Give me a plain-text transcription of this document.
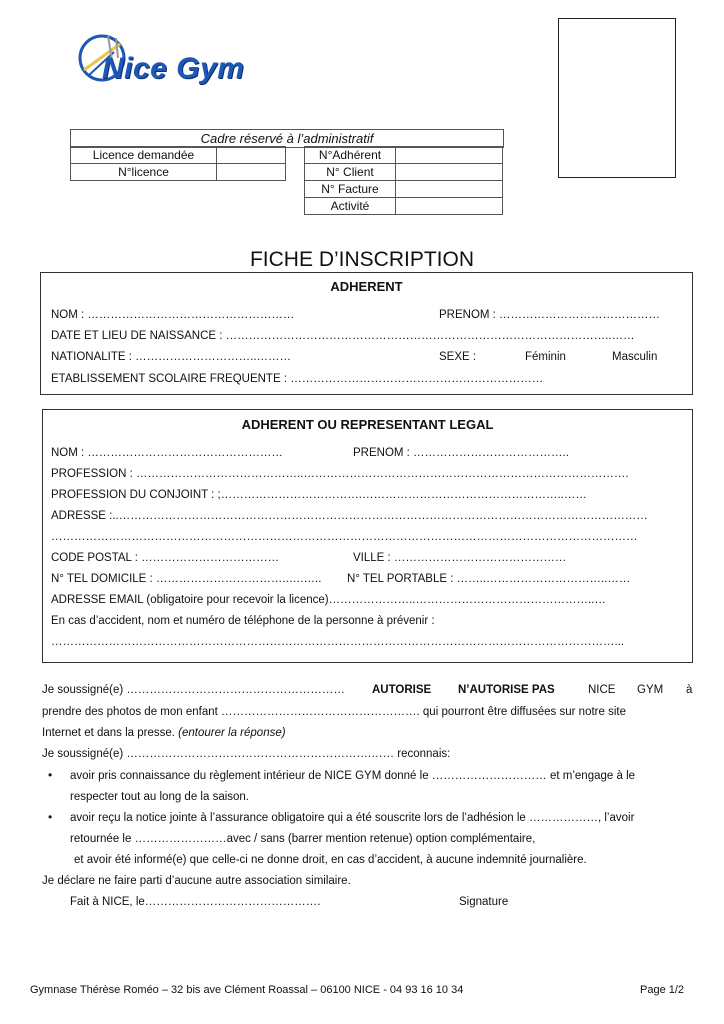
Nice Gym
Cadre réservé à l’administratif
Licence demandée	
N°licence	
N°Adhérent	
N° Client	
N° Facture	
Activité	
FICHE D’INSCRIPTION
ADHERENT
NOM : ………………………………………………	PRENOM : ……………………………………
DATE ET LIEU DE NAISSANCE : ………………………………………………………………………………………..……
NATIONALITE : …………………………..………	SEXE :	Féminin	Masculin
ETABLISSEMENT SCOLAIRE FREQUENTE : …………………………………………………………
ADHERENT OU REPRESENTANT LEGAL
NOM : ……………………………………………	PRENOM : …………………………………..
PROFESSION : ……………………………………..………………………………………………………………………….
PROFESSION DU CONJOINT : ;……………………………….……………………………………………..……
ADRESSE :..…………………………………………………………………………………………………………………………
………………………………………………………………………………………………………………………………………
CODE POSTAL : ………………………………	VILLE : ………………………………………
N° TEL DOMICILE : ……………………………..….….. N° TEL PORTABLE : ……..…………………………..……
ADRESSE EMAIL (obligatoire pour recevoir la licence)…………………..………………………………………..…
En cas d’accident, nom et numéro de téléphone de la personne à prévenir :
…………………………………………………………………………………………………………………………………...
Je soussigné(e) ………………………………………………… AUTORISE N’AUTORISE PAS	NICE GYM à
prendre des photos de mon enfant ……………………………………………. qui pourront être diffusées sur notre site
Internet et dans la presse. (entourer la réponse)
Je soussigné(e) ……………………………………………………….…… reconnais:
• avoir pris connaissance du règlement intérieur de NICE GYM donné le ………………………… et m’engage à le
respecter tout au long de la saison.
• avoir reçu la notice jointe à l’assurance obligatoire qui a été souscrite lors de l’adhésion le ………………, l’avoir
retournée le ……………………avec / sans (barrer mention retenue) option complémentaire,
et avoir été informé(e) que celle-ci ne donne droit, en cas d’accident, à aucune indemnité journalière.
Je déclare ne faire parti d’aucune autre association similaire.
Fait à NICE, le……………………………………….	Signature
Gymnase Thérèse Roméo – 32 bis ave Clément Roassal – 06100 NICE - 04 93 16 10 34	Page 1/2
